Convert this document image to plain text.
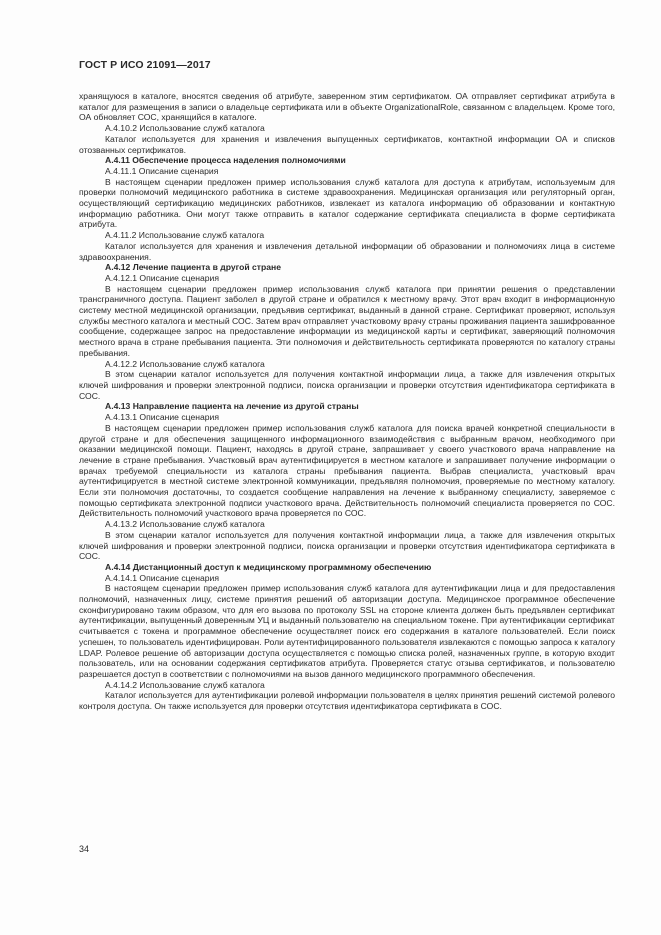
ГОСТ Р ИСО 21091—2017

хранящуюся в каталоге, вносятся сведения об атрибуте, заверенном этим сертификатом. ОА отправляет сертификат атрибута в каталог для размещения в записи о владельце сертификата или в объекте OrganizationalRole, связанном с владельцем. Кроме того, ОА обновляет СОС, хранящийся в каталоге.

А.4.10.2 Использование служб каталога

Каталог используется для хранения и извлечения выпущенных сертификатов, контактной информации ОА и списков отозванных сертификатов.

А.4.11 Обеспечение процесса наделения полномочиями

А.4.11.1 Описание сценария

В настоящем сценарии предложен пример использования служб каталога для доступа к атрибутам, используемым для проверки полномочий медицинского работника в системе здравоохранения. Медицинская организация или регуляторный орган, осуществляющий сертификацию медицинских работников, извлекает из каталога информацию об образовании и контактную информацию работника. Они могут также отправить в каталог содержание сертификата специалиста в форме сертификата атрибута.

А.4.11.2 Использование служб каталога

Каталог используется для хранения и извлечения детальной информации об образовании и полномочиях лица в системе здравоохранения.

А.4.12 Лечение пациента в другой стране

А.4.12.1 Описание сценария

В настоящем сценарии предложен пример использования служб каталога при принятии решения о представлении трансграничного доступа. Пациент заболел в другой стране и обратился к местному врачу. Этот врач входит в информационную систему местной медицинской организации, предъявив сертификат, выданный в данной стране. Сертификат проверяют, используя службы местного каталога и местный СОС. Затем врач отправляет участковому врачу страны проживания пациента зашифрованное сообщение, содержащее запрос на предоставление информации из медицинской карты и сертификат, заверяющий полномочия местного врача в стране пребывания пациента. Эти полномочия и действительность сертификата проверяются по каталогу страны пребывания.

А.4.12.2 Использование служб каталога

В этом сценарии каталог используется для получения контактной информации лица, а также для извлечения открытых ключей шифрования и проверки электронной подписи, поиска организации и проверки отсутствия идентификатора сертификата в СОС.

А.4.13 Направление пациента на лечение из другой страны

А.4.13.1 Описание сценария

В настоящем сценарии предложен пример использования служб каталога для поиска врачей конкретной специальности в другой стране и для обеспечения защищенного информационного взаимодействия с выбранным врачом, необходимого при оказании медицинской помощи. Пациент, находясь в другой стране, запрашивает у своего участкового врача направление на лечение в стране пребывания. Участковый врач аутентифицируется в местном каталоге и запрашивает получение информации о врачах требуемой специальности из каталога страны пребывания пациента. Выбрав специалиста, участковый врач аутентифицируется в местной системе электронной коммуникации, предъявляя полномочия, проверяемые по местному каталогу. Если эти полномочия достаточны, то создается сообщение направления на лечение к выбранному специалисту, заверяемое с помощью сертификата электронной подписи участкового врача. Действительность полномочий специалиста проверяется по СОС. Действительность полномочий участкового врача проверяется по СОС.

А.4.13.2 Использование служб каталога

В этом сценарии каталог используется для получения контактной информации лица, а также для извлечения открытых ключей шифрования и проверки электронной подписи, поиска организации и проверки отсутствия идентификатора сертификата в СОС.

А.4.14 Дистанционный доступ к медицинскому программному обеспечению

А.4.14.1 Описание сценария

В настоящем сценарии предложен пример использования служб каталога для аутентификации лица и для предоставления полномочий, назначенных лицу, системе принятия решений об авторизации доступа. Медицинское программное обеспечение сконфигурировано таким образом, что для его вызова по протоколу SSL на стороне клиента должен быть предъявлен сертификат аутентификации, выпущенный доверенным УЦ и выданный пользователю на специальном токене. При аутентификации сертификат считывается с токена и программное обеспечение осуществляет поиск его содержания в каталоге пользователей. Если поиск успешен, то пользователь идентифицирован. Роли аутентифицированного пользователя извлекаются с помощью запроса к каталогу LDAP. Ролевое решение об авторизации доступа осуществляется с помощью списка ролей, назначенных группе, в которую входит пользователь, или на основании содержания сертификатов атрибута. Проверяется статус отзыва сертификатов, и пользователю разрешается доступ в соответствии с полномочиями на вызов данного медицинского программного обеспечения.

А.4.14.2 Использование служб каталога

Каталог используется для аутентификации ролевой информации пользователя в целях принятия решений системой ролевого контроля доступа. Он также используется для проверки отсутствия идентификатора сертификата в СОС.

34
